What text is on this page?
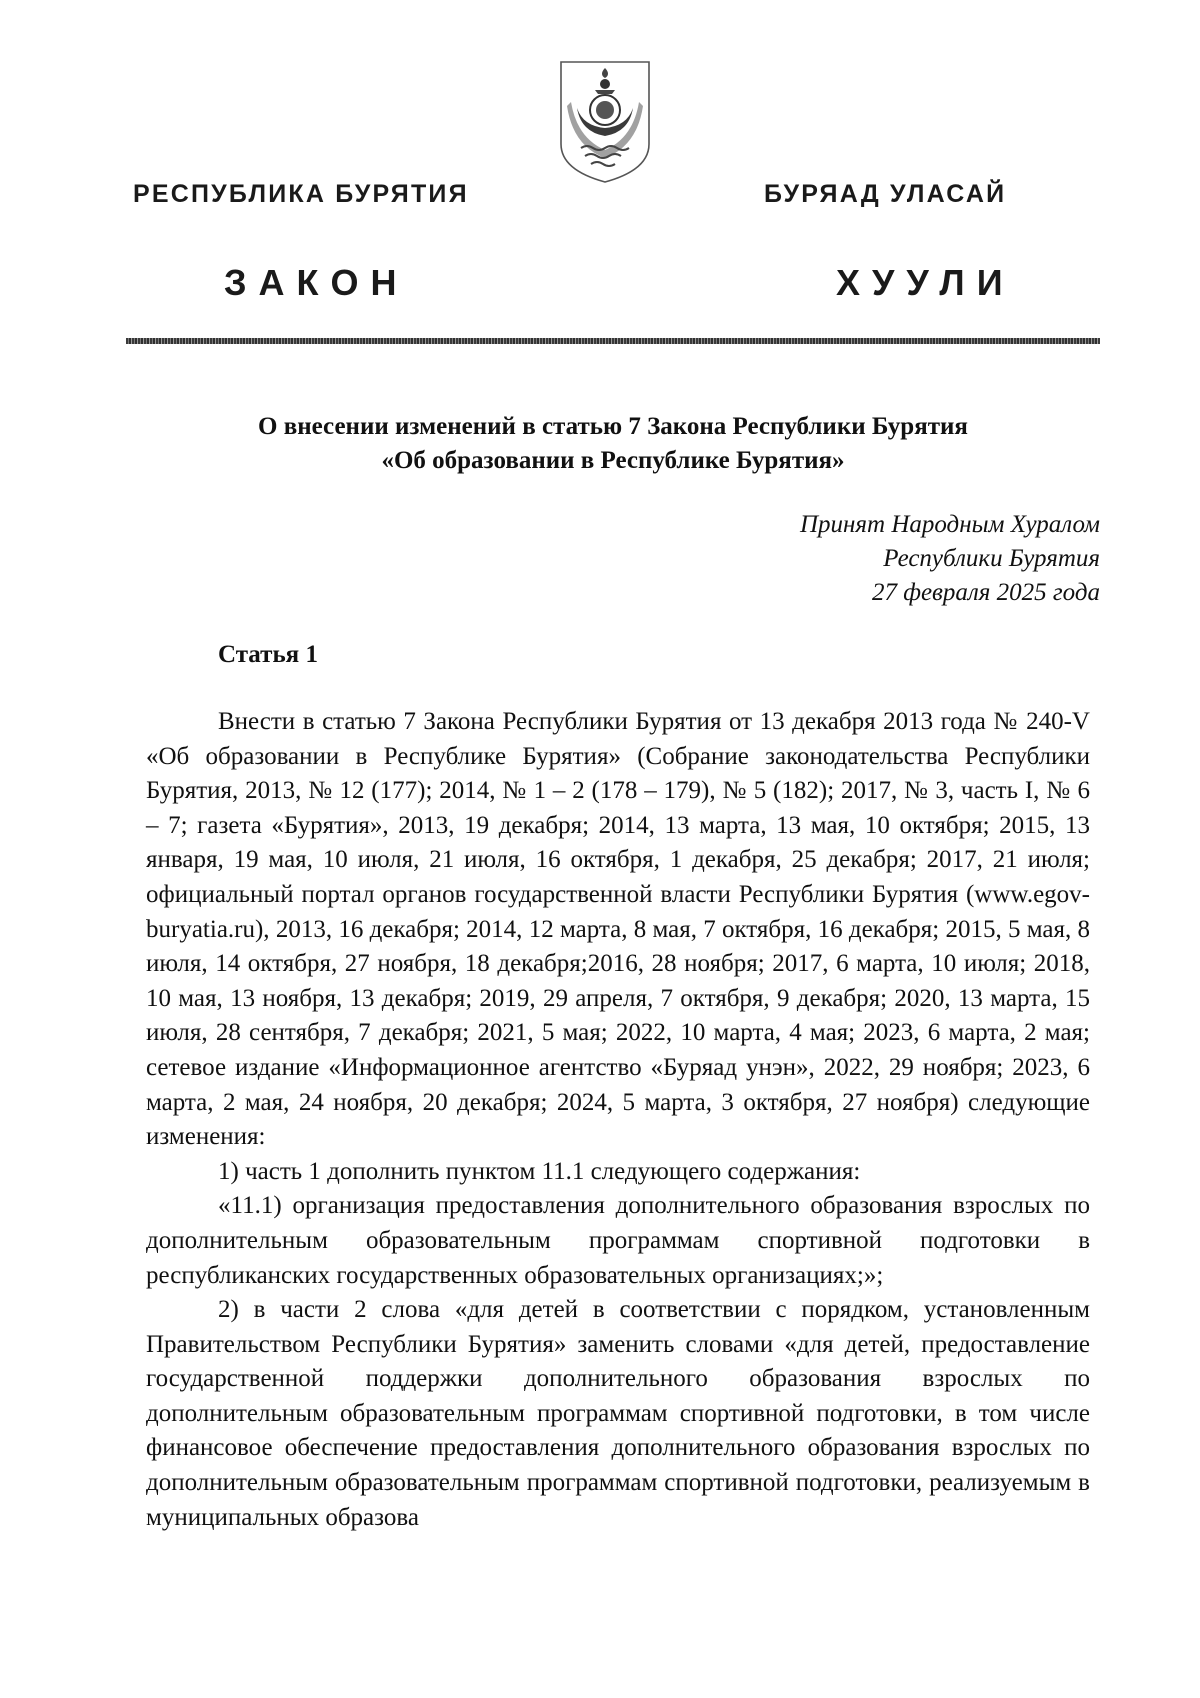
РЕСПУБЛИКА БУРЯТИЯ	БУРЯАД УЛАСАЙ
ЗАКОН	ХУУЛИ
О внесении изменений в статью 7 Закона Республики Бурятия
«Об образовании в Республике Бурятия»
Принят Народным Хуралом
Республики Бурятия
27 февраля 2025 года
Статья 1

Внести в статью 7 Закона Республики Бурятия от 13 декабря 2013 года № 240-V «Об образовании в Республике Бурятия» (Собрание законодательства Республики Бурятия, 2013, № 12 (177); 2014, № 1 – 2 (178 – 179), № 5 (182); 2017, № 3, часть I, № 6 – 7; газета «Бурятия», 2013, 19 декабря; 2014, 13 марта, 13 мая, 10 октября; 2015, 13 января, 19 мая, 10 июля, 21 июля, 16 октября, 1 декабря, 25 декабря; 2017, 21 июля; официальный портал органов государственной власти Республики Бурятия (www.egov-buryatia.ru), 2013, 16 декабря; 2014, 12 марта, 8 мая, 7 октября, 16 декабря; 2015, 5 мая, 8 июля, 14 октября, 27 ноября, 18 декабря;2016, 28 ноября; 2017, 6 марта, 10 июля; 2018, 10 мая, 13 ноября, 13 декабря; 2019, 29 апреля, 7 октября, 9 декабря; 2020, 13 марта, 15 июля, 28 сентября, 7 декабря; 2021, 5 мая; 2022, 10 марта, 4 мая; 2023, 6 марта, 2 мая; сетевое издание «Информационное агентство «Буряад унэн», 2022, 29 ноября; 2023, 6 марта, 2 мая, 24 ноября, 20 декабря; 2024, 5 марта, 3 октября, 27 ноября) следующие изменения:

1) часть 1 дополнить пунктом 11.1 следующего содержания:

«11.1) организация предоставления дополнительного образования взрослых по дополнительным образовательным программам спортивной подготовки в республиканских государственных образовательных организациях;»;

2) в части 2 слова «для детей в соответствии с порядком, установленным Правительством Республики Бурятия» заменить словами «для детей, предоставление государственной поддержки дополнительного образования взрослых по дополнительным образовательным программам спортивной подготовки, в том числе финансовое обеспечение предоставления дополнительного образования взрослых по дополнительным образовательным программам спортивной подготовки, реализуемым в муниципальных образова
